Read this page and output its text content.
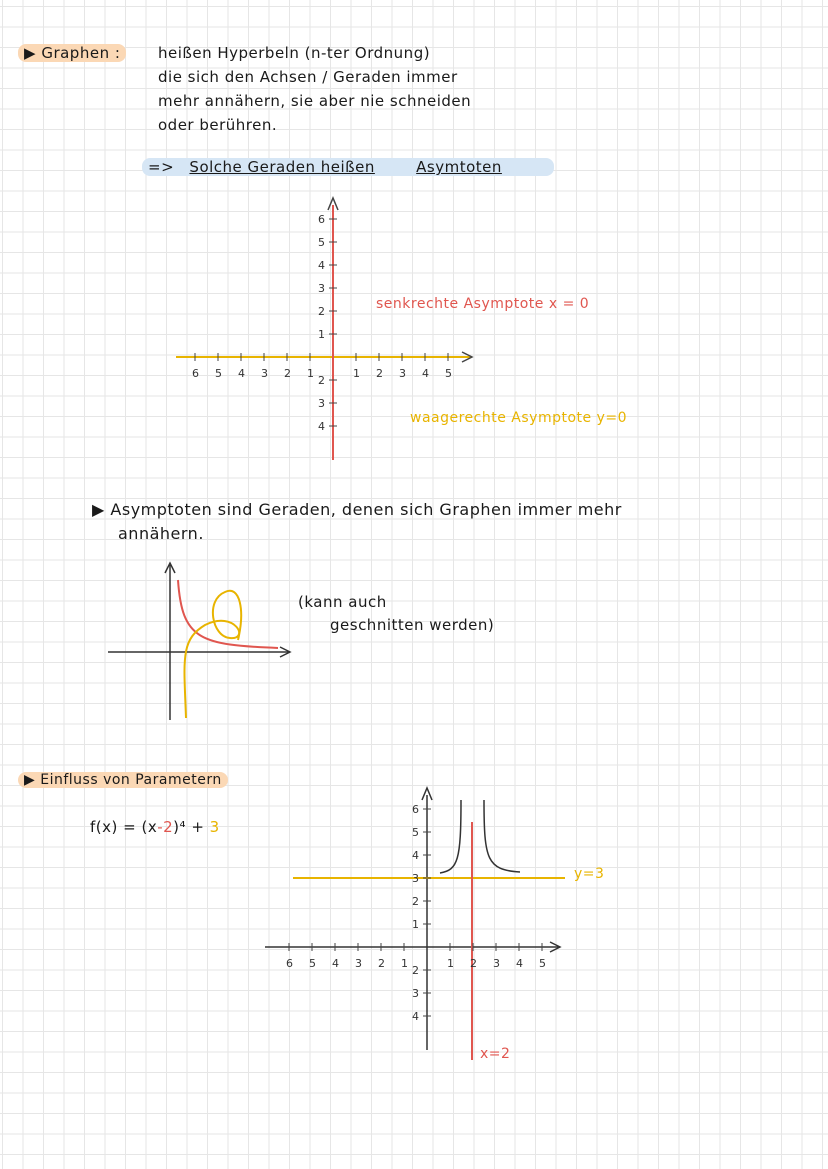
▶ Graphen :	heißen Hyperbeln (n-ter Ordnung)
die sich den Achsen / Geraden immer
mehr annähern, sie aber nie schneiden
oder berühren.
=> Solche Geraden heißen	Asymtoten
6 5 4 3 2 1	1 2 3 4 5
6
5
4
3
2
1
2
3
4
senkrechte Asymptote x = 0
waagerechte Asymptote y=0
▶ Asymptoten sind Geraden, denen sich Graphen immer mehr
annähern.
(kann auch
geschnitten werden)
▶ Einfluss von Parametern
f(x) = (x-2)⁴ + 3
6 5 4 3 2 1	1 2 3 4 5
6
5
4
3
2
1
2
3
4
y=3
x=2
